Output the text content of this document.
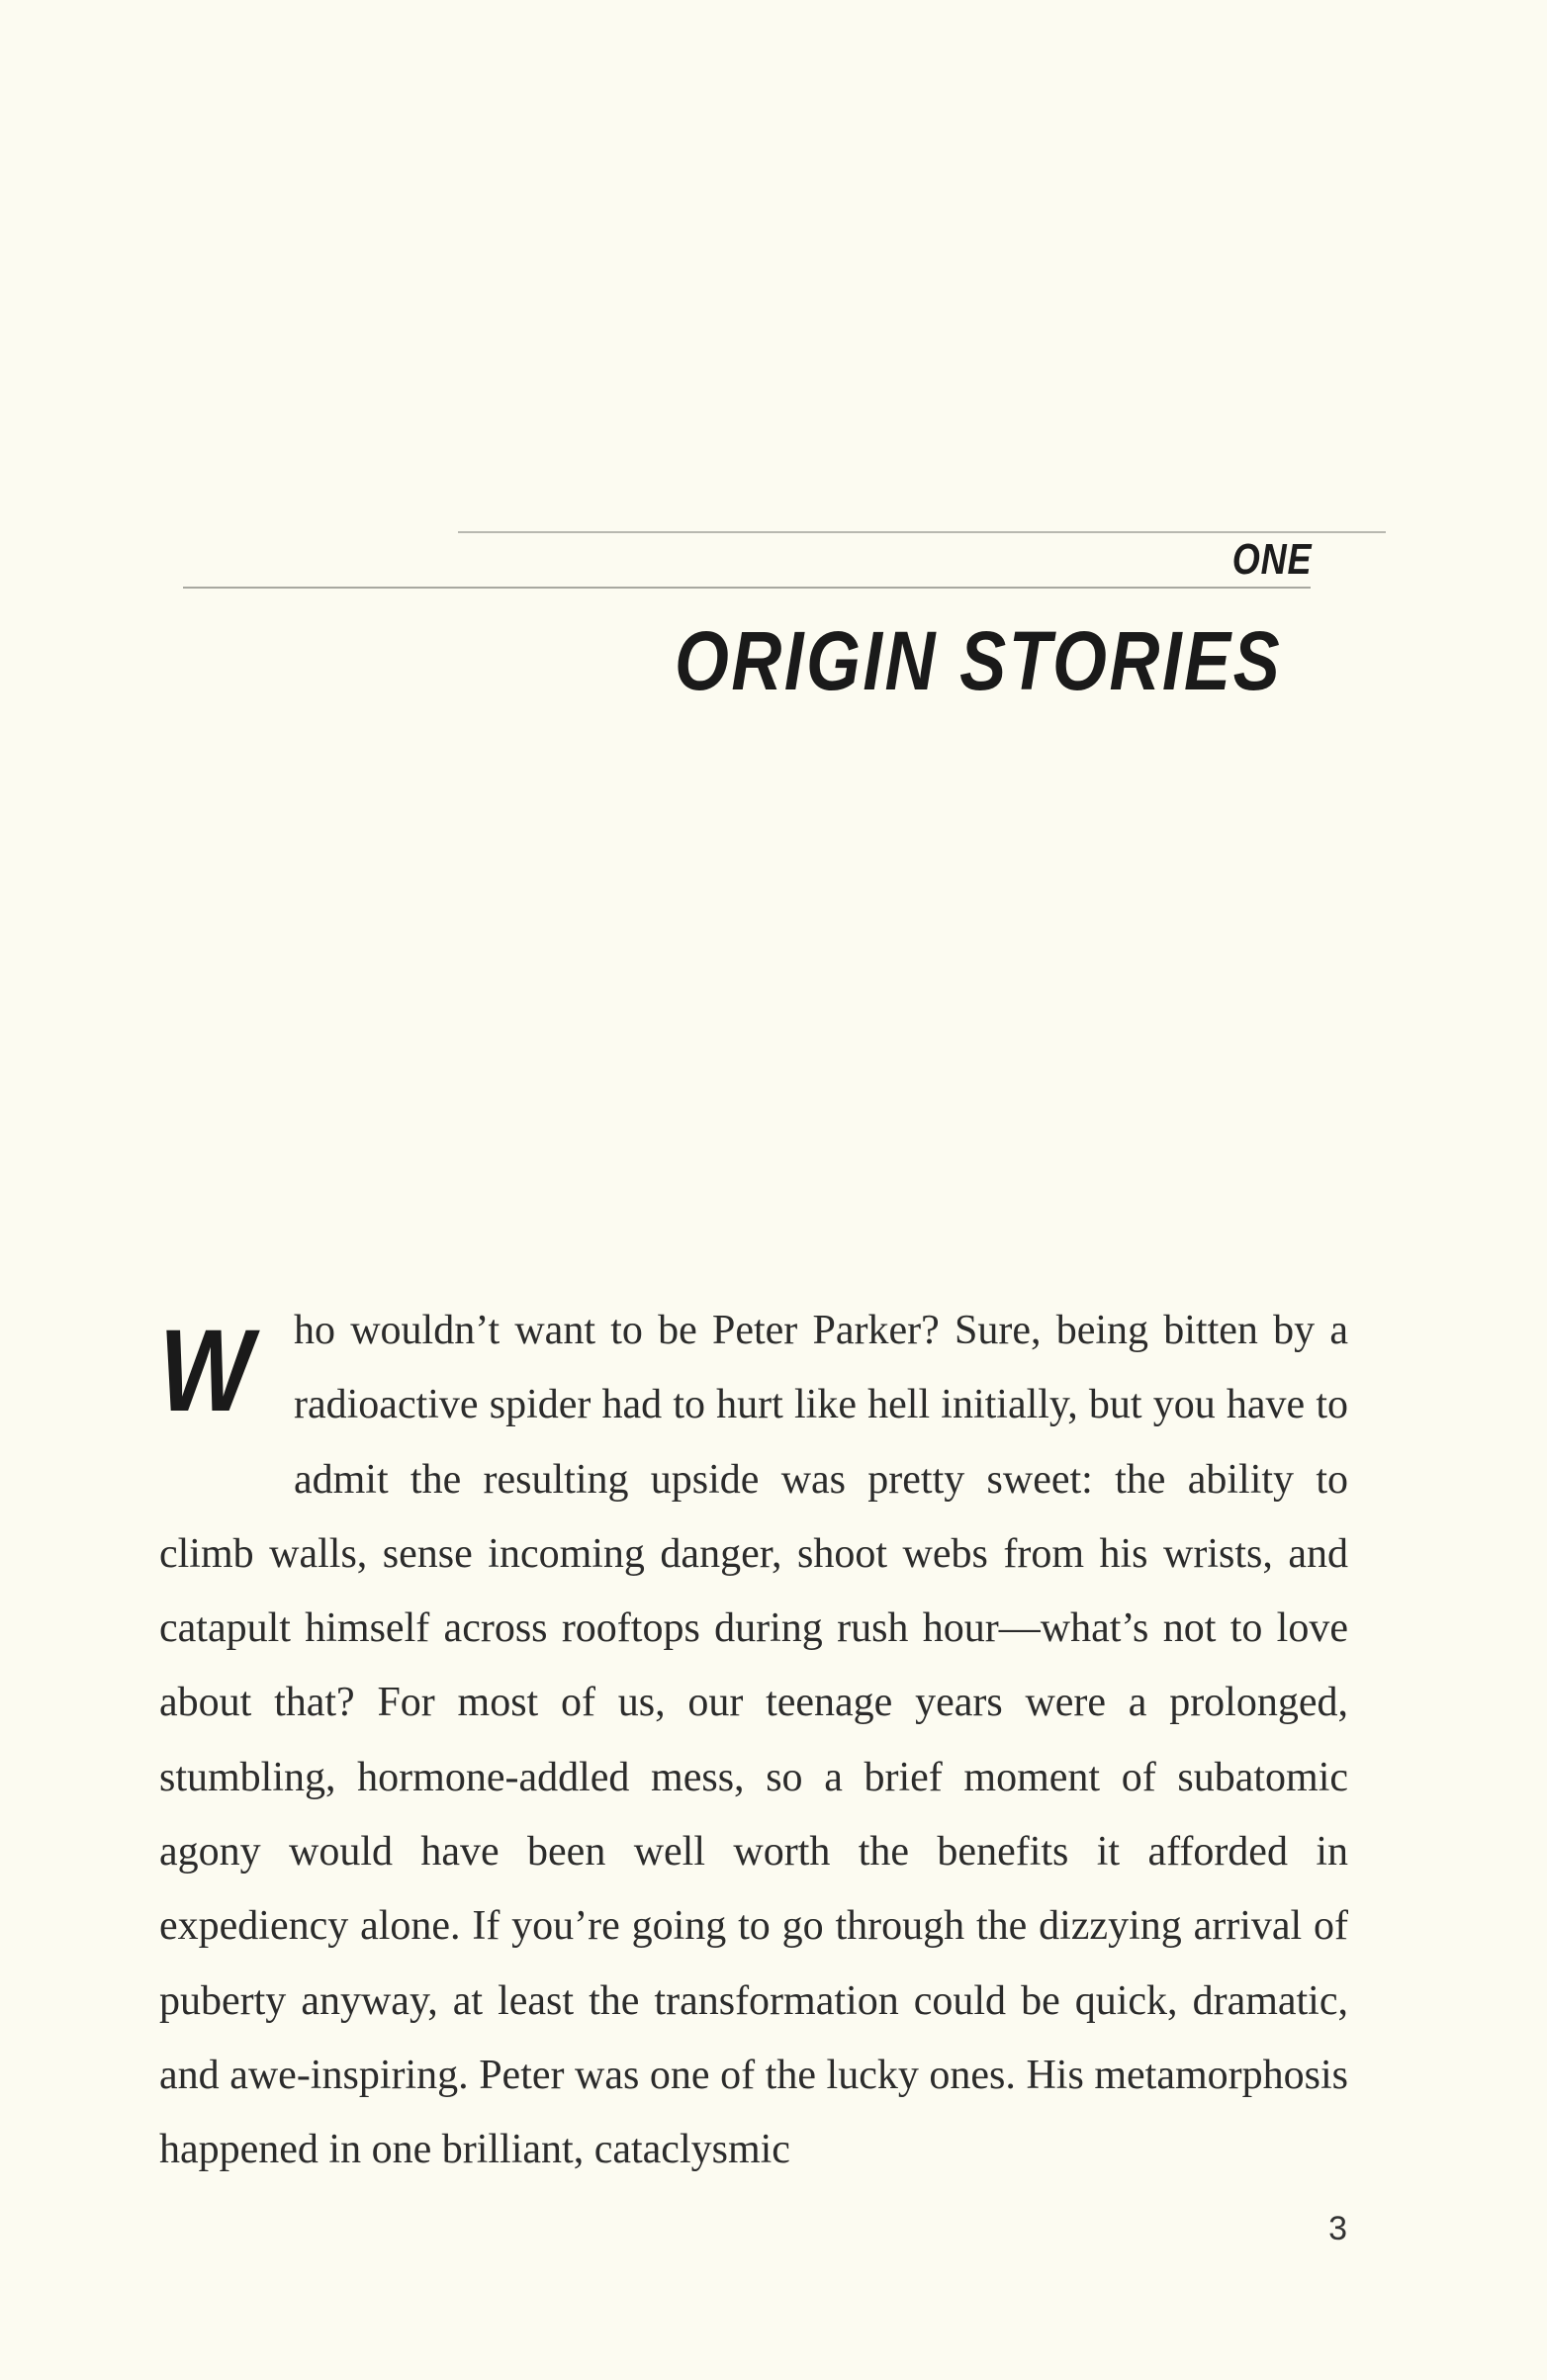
ONE
ORIGIN STORIES
W ho wouldn’t want to be Peter Parker? Sure, being bitten by a radioactive spider had to hurt like hell initially, but you have to admit the resulting upside was pretty sweet: the ability to climb walls, sense incoming danger, shoot webs from his wrists, and catapult himself across rooftops during rush hour—what’s not to love about that? For most of us, our teenage years were a prolonged, stumbling, hormone-addled mess, so a brief moment of subatomic agony would have been well worth the benefits it afforded in expediency alone. If you’re going to go through the dizzying arrival of puberty anyway, at least the transformation could be quick, dramatic, and awe-inspiring. Peter was one of the lucky ones. His metamorphosis happened in one brilliant, cataclysmic
3
